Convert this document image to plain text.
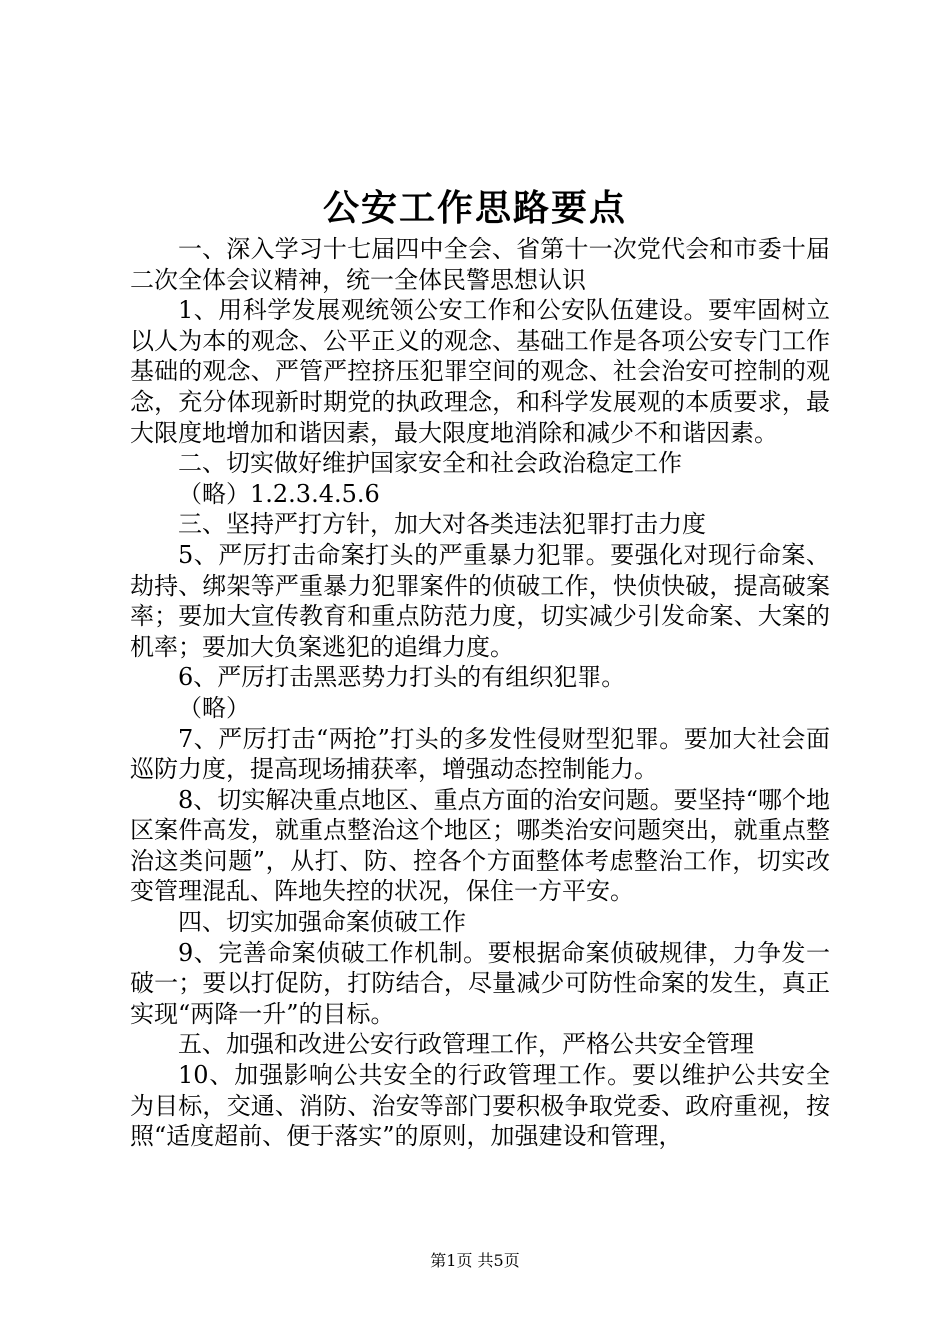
公安工作思路要点

一、深入学习十七届四中全会、省第十一次党代会和市委十届二次全体会议精神，统一全体民警思想认识

1、用科学发展观统领公安工作和公安队伍建设。要牢固树立以人为本的观念、公平正义的观念、基础工作是各项公安专门工作基础的观念、严管严控挤压犯罪空间的观念、社会治安可控制的观念，充分体现新时期党的执政理念，和科学发展观的本质要求，最大限度地增加和谐因素，最大限度地消除和减少不和谐因素。

二、切实做好维护国家安全和社会政治稳定工作

（略）1.2.3.4.5.6

三、坚持严打方针，加大对各类违法犯罪打击力度

5、严厉打击命案打头的严重暴力犯罪。要强化对现行命案、劫持、绑架等严重暴力犯罪案件的侦破工作，快侦快破，提高破案率；要加大宣传教育和重点防范力度，切实减少引发命案、大案的机率；要加大负案逃犯的追缉力度。

6、严厉打击黑恶势力打头的有组织犯罪。

（略）

7、严厉打击“两抢”打头的多发性侵财型犯罪。要加大社会面巡防力度，提高现场捕获率，增强动态控制能力。

8、切实解决重点地区、重点方面的治安问题。要坚持“哪个地区案件高发，就重点整治这个地区；哪类治安问题突出，就重点整治这类问题”，从打、防、控各个方面整体考虑整治工作，切实改变管理混乱、阵地失控的状况，保住一方平安。

四、切实加强命案侦破工作

9、完善命案侦破工作机制。要根据命案侦破规律，力争发一破一；要以打促防，打防结合，尽量减少可防性命案的发生，真正实现“两降一升”的目标。

五、加强和改进公安行政管理工作，严格公共安全管理

10、加强影响公共安全的行政管理工作。要以维护公共安全为目标，交通、消防、治安等部门要积极争取党委、政府重视，按照“适度超前、便于落实”的原则，加强建设和管理，

第1页 共5页
